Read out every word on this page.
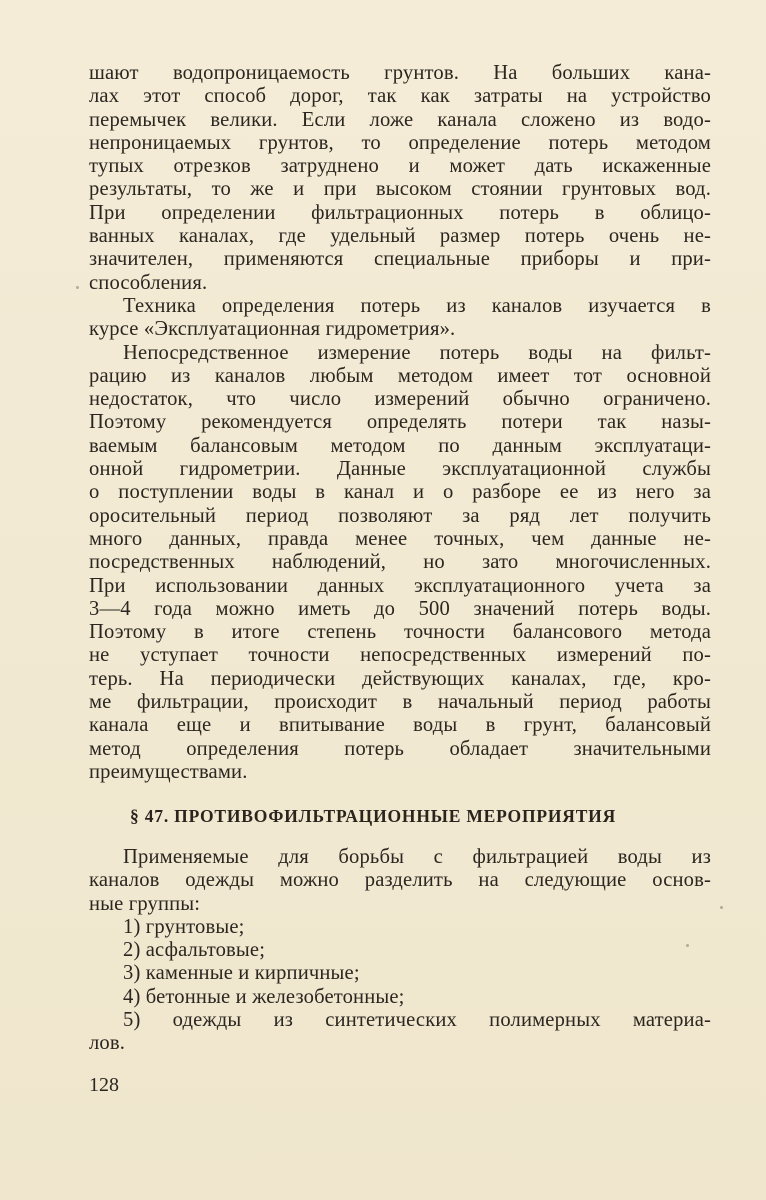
шают водопроницаемость грунтов. На больших кана-
лах этот способ дорог, так как затраты на устройство
перемычек велики. Если ложе канала сложено из водо-
непроницаемых грунтов, то определение потерь методом
тупых отрезков затруднено и может дать искаженные
результаты, то же и при высоком стоянии грунтовых вод.
При определении фильтрационных потерь в облицо-
ванных каналах, где удельный размер потерь очень не-
значителен, применяются специальные приборы и при-
способления.
Техника определения потерь из каналов изучается в
курсе «Эксплуатационная гидрометрия».
Непосредственное измерение потерь воды на фильт-
рацию из каналов любым методом имеет тот основной
недостаток, что число измерений обычно ограничено.
Поэтому рекомендуется определять потери так назы-
ваемым балансовым методом по данным эксплуатаци-
онной гидрометрии. Данные эксплуатационной службы
о поступлении воды в канал и о разборе ее из него за
оросительный период позволяют за ряд лет получить
много данных, правда менее точных, чем данные не-
посредственных наблюдений, но зато многочисленных.
При использовании данных эксплуатационного учета за
3—4 года можно иметь до 500 значений потерь воды.
Поэтому в итоге степень точности балансового метода
не уступает точности непосредственных измерений по-
терь. На периодически действующих каналах, где, кро-
ме фильтрации, происходит в начальный период работы
канала еще и впитывание воды в грунт, балансовый
метод определения потерь обладает значительными
преимуществами.
§ 47. ПРОТИВОФИЛЬТРАЦИОННЫЕ МЕРОПРИЯТИЯ
Применяемые для борьбы с фильтрацией воды из
каналов одежды можно разделить на следующие основ-
ные группы:
1) грунтовые;
2) асфальтовые;
3) каменные и кирпичные;
4) бетонные и железобетонные;
5) одежды из синтетических полимерных материа-
лов.
128
